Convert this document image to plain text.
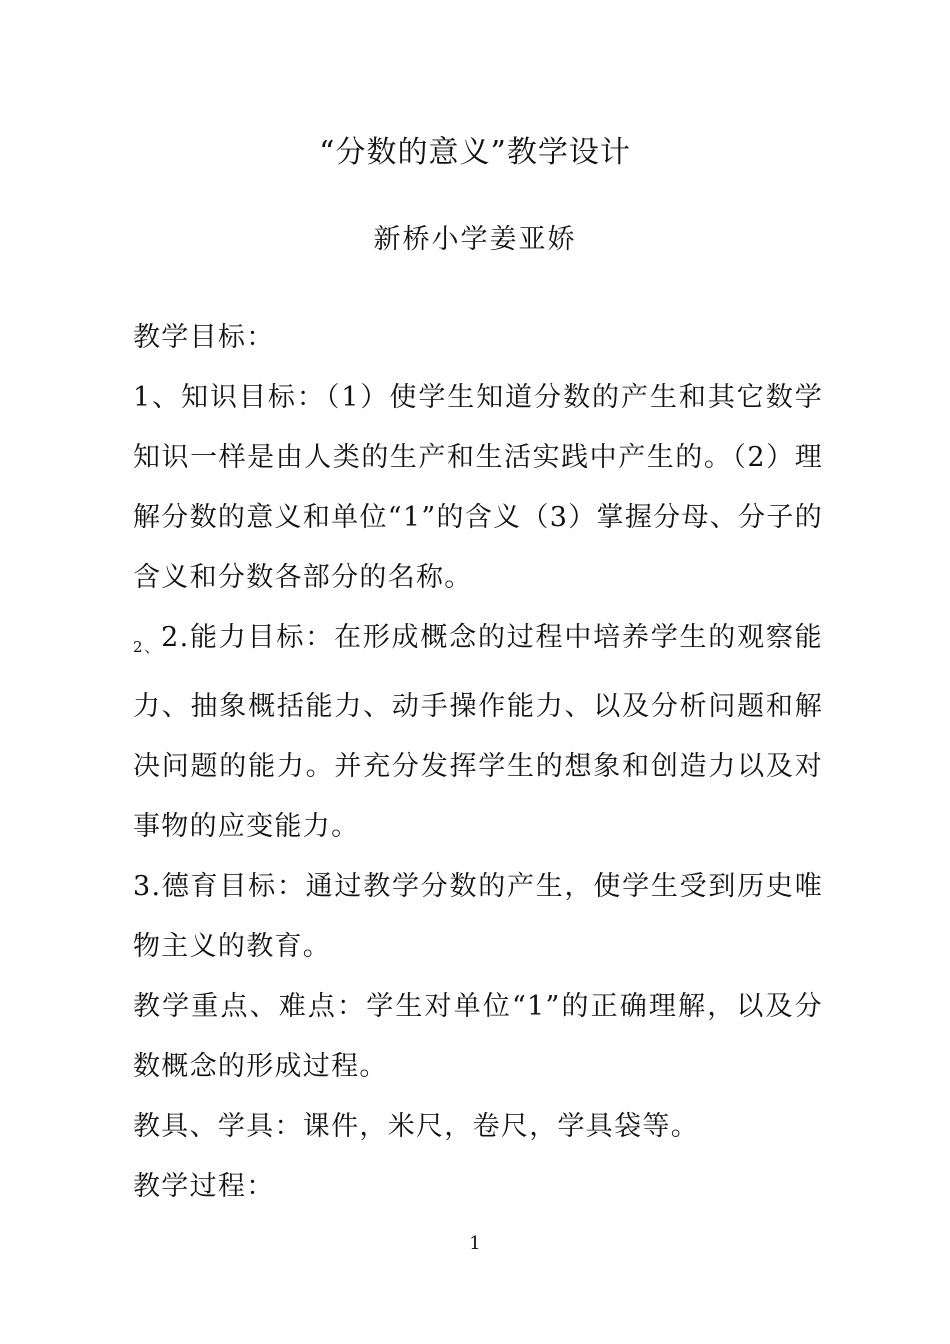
“分数的意义”教学设计
新桥小学姜亚娇

教学目标：

1、知识目标：（1）使学生知道分数的产生和其它数学知识一样是由人类的生产和生活实践中产生的。（2）理解分数的意义和单位“1”的含义（3）掌握分母、分子的含义和分数各部分的名称。

$_{2、}$2.能力目标：在形成概念的过程中培养学生的观察能力、抽象概括能力、动手操作能力、以及分析问题和解决问题的能力。并充分发挥学生的想象和创造力以及对事物的应变能力。

3.德育目标：通过教学分数的产生，使学生受到历史唯物主义的教育。

教学重点、难点：学生对单位“1”的正确理解，以及分数概念的形成过程。

教具、学具：课件，米尺，卷尺，学具袋等。

教学过程：

1
